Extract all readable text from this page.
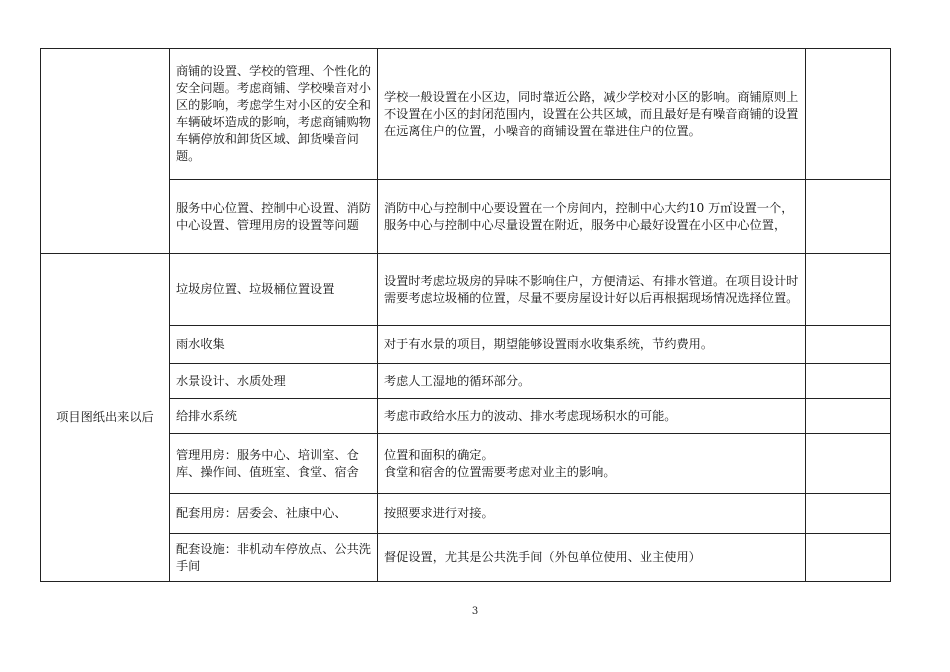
	商铺的设置、学校的管理、个性化的安全问题。考虑商铺、学校噪音对小区的影响，考虑学生对小区的安全和车辆破坏造成的影响，考虑商铺购物车辆停放和卸货区域、卸货噪音问题。	学校一般设置在小区边，同时靠近公路，减少学校对小区的影响。商铺原则上不设置在小区的封闭范围内，设置在公共区域，而且最好是有噪音商铺的设置在远离住户的位置，小噪音的商铺设置在靠进住户的位置。	
	服务中心位置、控制中心设置、消防中心设置、管理用房的设置等问题	消防中心与控制中心要设置在一个房间内，控制中心大约10 万㎡设置一个，服务中心与控制中心尽量设置在附近，服务中心最好设置在小区中心位置，	
项目图纸出来以后	垃圾房位置、垃圾桶位置设置	设置时考虑垃圾房的异味不影响住户，方便清运、有排水管道。在项目设计时需要考虑垃圾桶的位置，尽量不要房屋设计好以后再根据现场情况选择位置。	
	雨水收集	对于有水景的项目，期望能够设置雨水收集系统，节约费用。	
	水景设计、水质处理	考虑人工湿地的循环部分。	
	给排水系统	考虑市政给水压力的波动、排水考虑现场积水的可能。	
	管理用房：服务中心、培训室、仓库、操作间、值班室、食堂、宿舍	位置和面积的确定。
食堂和宿舍的位置需要考虑对业主的影响。	
	配套用房：居委会、社康中心、	按照要求进行对接。	
	配套设施：非机动车停放点、公共洗手间	督促设置，尤其是公共洗手间（外包单位使用、业主使用）	
3
